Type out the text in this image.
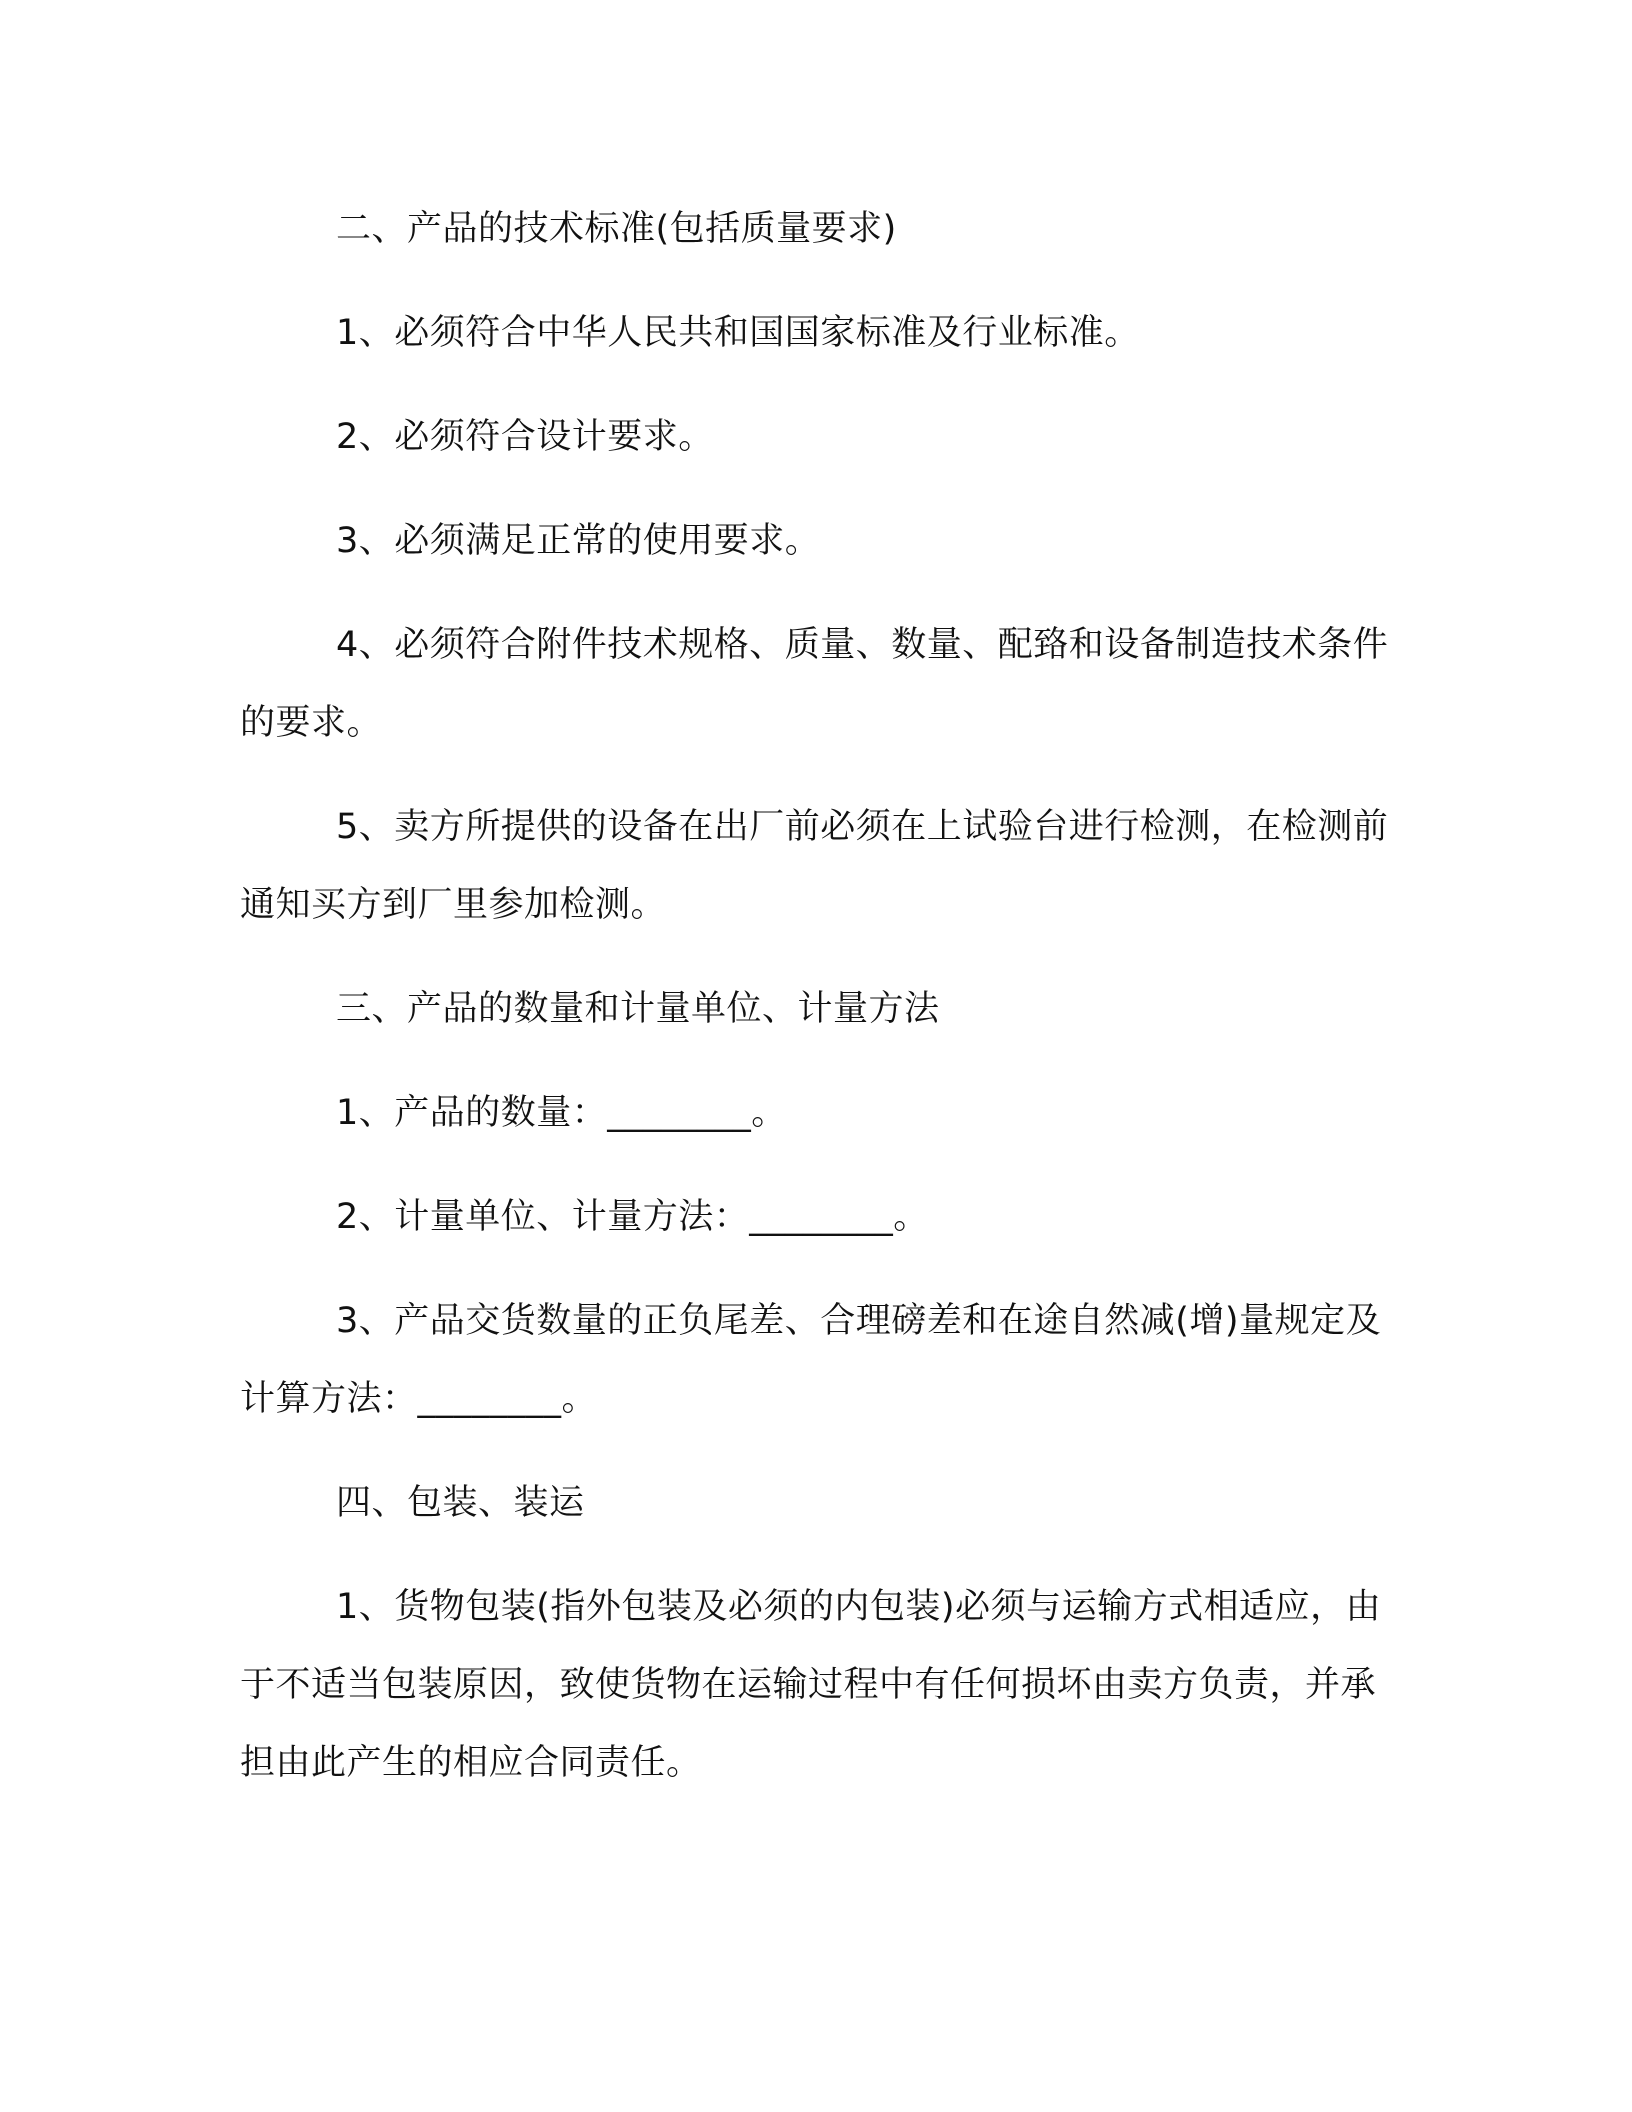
二、产品的技术标准(包括质量要求)

1、必须符合中华人民共和国国家标准及行业标准。

2、必须符合设计要求。

3、必须满足正常的使用要求。

4、必须符合附件技术规格、质量、数量、配臵和设备制造技术条件的要求。

5、卖方所提供的设备在出厂前必须在上试验台进行检测，在检测前通知买方到厂里参加检测。

三、产品的数量和计量单位、计量方法

1、产品的数量：________。

2、计量单位、计量方法：________。

3、产品交货数量的正负尾差、合理磅差和在途自然减(增)量规定及计算方法：________。

四、包装、装运

1、货物包装(指外包装及必须的内包装)必须与运输方式相适应，由于不适当包装原因，致使货物在运输过程中有任何损坏由卖方负责，并承担由此产生的相应合同责任。
